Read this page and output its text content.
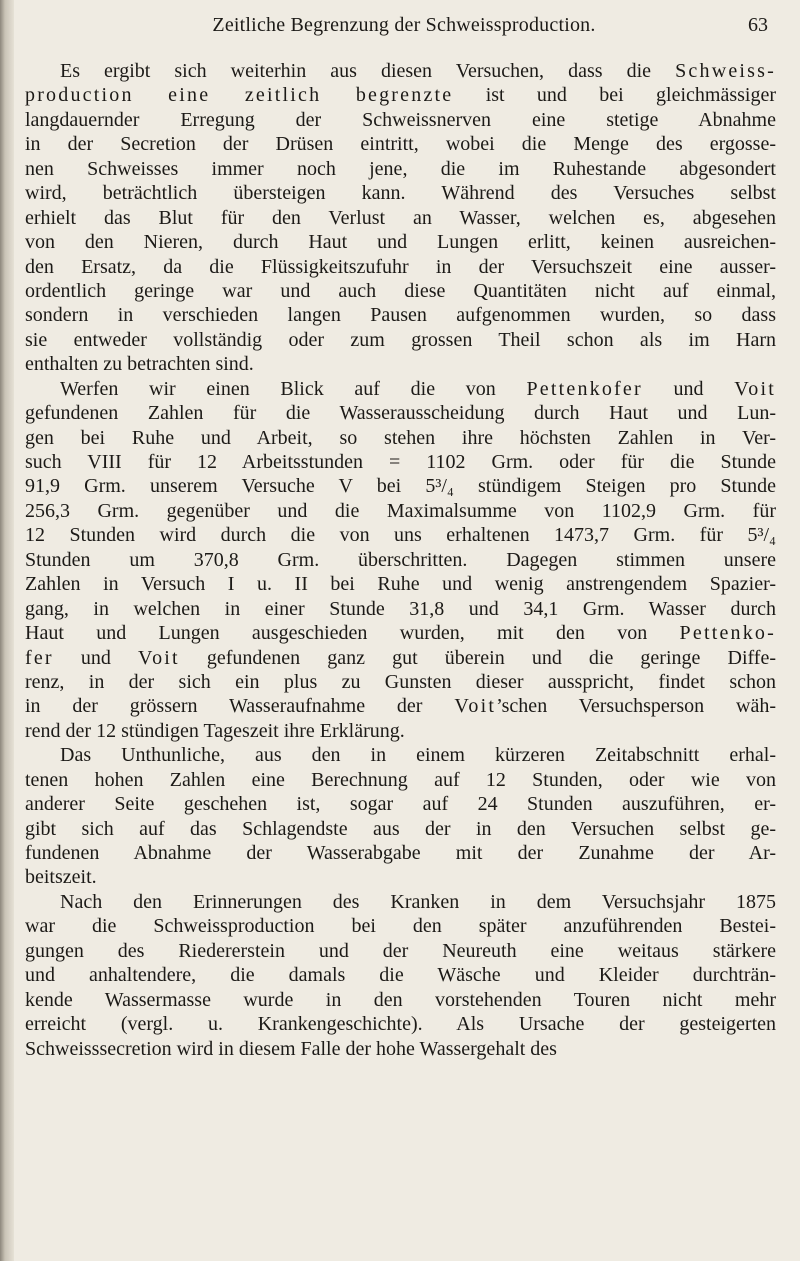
Zeitliche Begrenzung der Schweissproduction.	63
Es ergibt sich weiterhin aus diesen Versuchen, dass die Schweiss-
production eine zeitlich begrenzte ist und bei gleichmässiger
langdauernder Erregung der Schweissnerven eine stetige Abnahme
in der Secretion der Drüsen eintritt, wobei die Menge des ergosse-
nen Schweisses immer noch jene, die im Ruhestande abgesondert
wird, beträchtlich übersteigen kann. Während des Versuches selbst
erhielt das Blut für den Verlust an Wasser, welchen es, abgesehen
von den Nieren, durch Haut und Lungen erlitt, keinen ausreichen-
den Ersatz, da die Flüssigkeitszufuhr in der Versuchszeit eine ausser-
ordentlich geringe war und auch diese Quantitäten nicht auf einmal,
sondern in verschieden langen Pausen aufgenommen wurden, so dass
sie entweder vollständig oder zum grossen Theil schon als im Harn
enthalten zu betrachten sind.
Werfen wir einen Blick auf die von Pettenkofer und Voit
gefundenen Zahlen für die Wasserausscheidung durch Haut und Lun-
gen bei Ruhe und Arbeit, so stehen ihre höchsten Zahlen in Ver-
such VIII für 12 Arbeitsstunden = 1102 Grm. oder für die Stunde
91,9 Grm. unserem Versuche V bei 5³/₄ stündigem Steigen pro Stunde
256,3 Grm. gegenüber und die Maximalsumme von 1102,9 Grm. für
12 Stunden wird durch die von uns erhaltenen 1473,7 Grm. für 5³/₄
Stunden um 370,8 Grm. überschritten. Dagegen stimmen unsere
Zahlen in Versuch I u. II bei Ruhe und wenig anstrengendem Spazier-
gang, in welchen in einer Stunde 31,8 und 34,1 Grm. Wasser durch
Haut und Lungen ausgeschieden wurden, mit den von Pettenko-
fer und Voit gefundenen ganz gut überein und die geringe Diffe-
renz, in der sich ein plus zu Gunsten dieser ausspricht, findet schon
in der grössern Wasseraufnahme der Voit’schen Versuchsperson wäh-
rend der 12 stündigen Tageszeit ihre Erklärung.
Das Unthunliche, aus den in einem kürzeren Zeitabschnitt erhal-
tenen hohen Zahlen eine Berechnung auf 12 Stunden, oder wie von
anderer Seite geschehen ist, sogar auf 24 Stunden auszuführen, er-
gibt sich auf das Schlagendste aus der in den Versuchen selbst ge-
fundenen Abnahme der Wasserabgabe mit der Zunahme der Ar-
beitszeit.
Nach den Erinnerungen des Kranken in dem Versuchsjahr 1875
war die Schweissproduction bei den später anzuführenden Bestei-
gungen des Riedererstein und der Neureuth eine weitaus stärkere
und anhaltendere, die damals die Wäsche und Kleider durchträn-
kende Wassermasse wurde in den vorstehenden Touren nicht mehr
erreicht (vergl. u. Krankengeschichte). Als Ursache der gesteigerten
Schweisssecretion wird in diesem Falle der hohe Wassergehalt des
